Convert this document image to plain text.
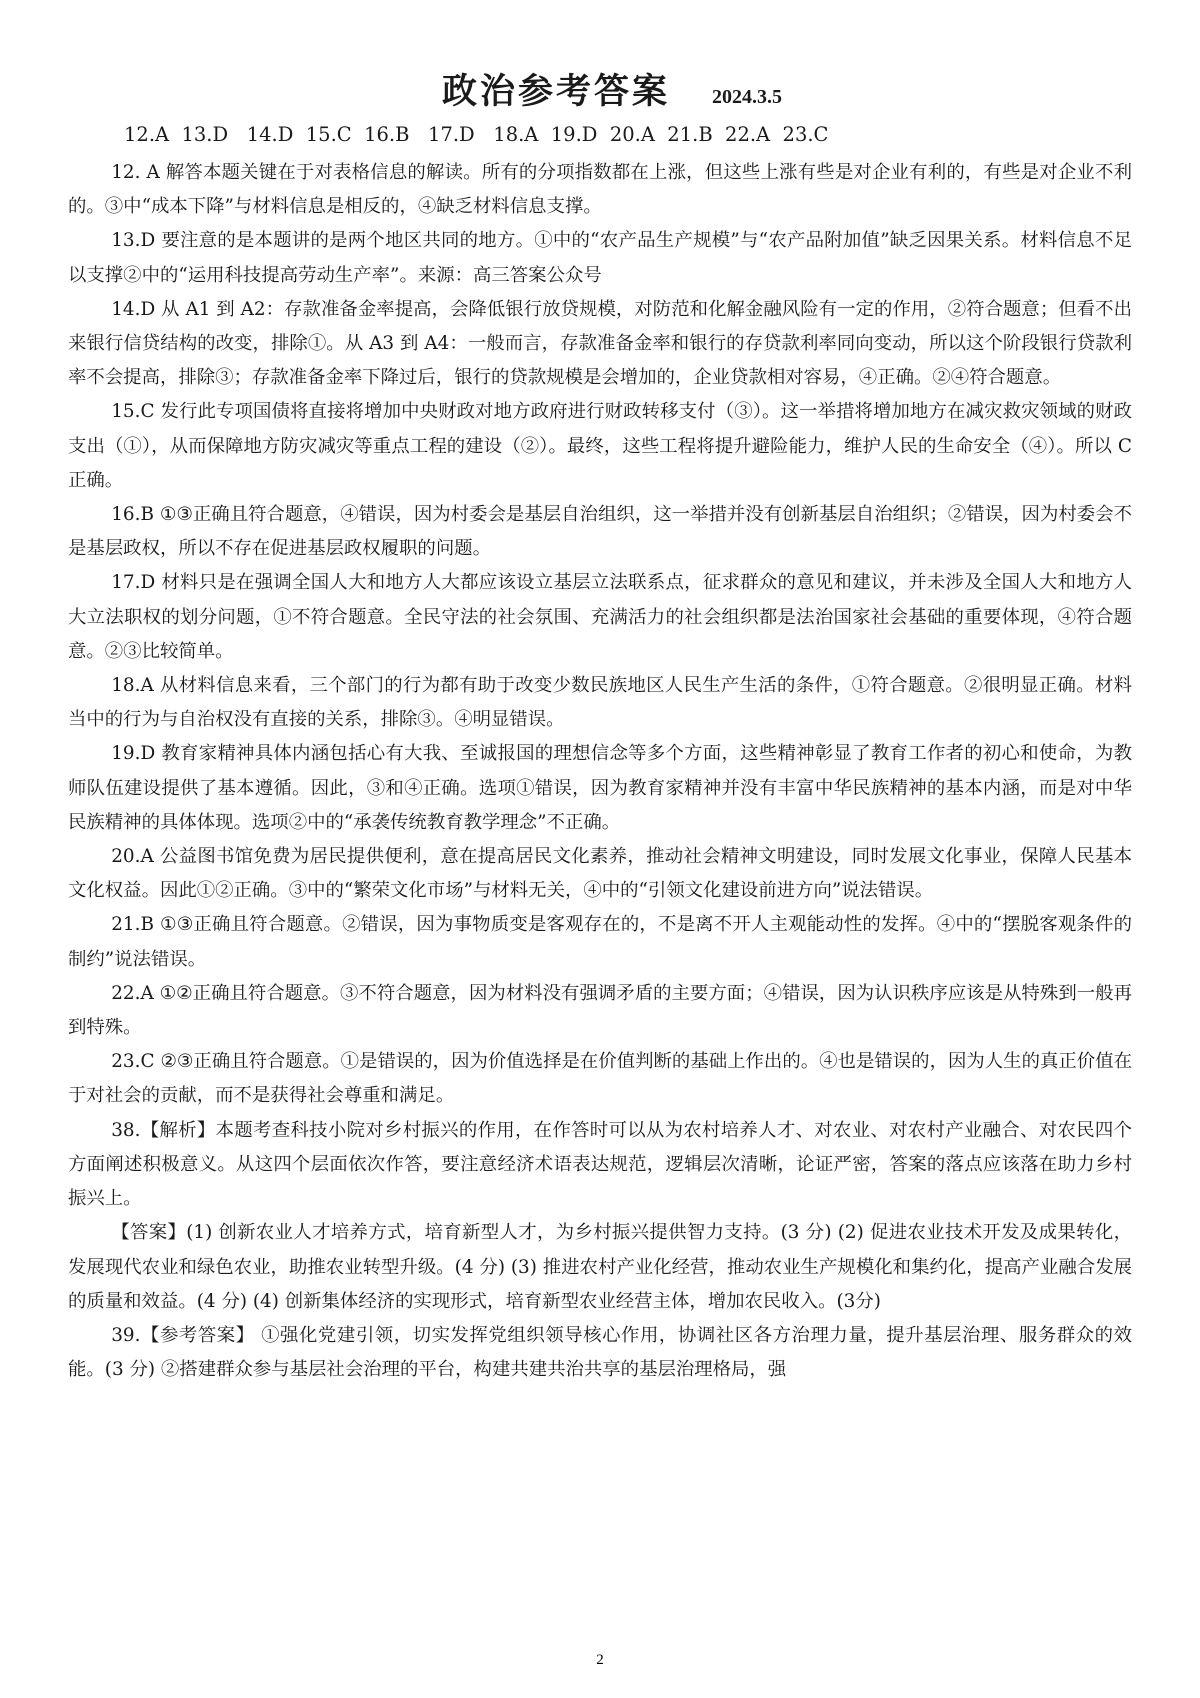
政治参考答案 2024.3.5
12.A  13.D   14.D  15.C  16.B   17.D   18.A  19.D  20.A  21.B  22.A  23.C

12. A 解答本题关键在于对表格信息的解读。所有的分项指数都在上涨，但这些上涨有些是对企业有利的，有些是对企业不利的。③中“成本下降”与材料信息是相反的，④缺乏材料信息支撑。

13.D 要注意的是本题讲的是两个地区共同的地方。①中的“农产品生产规模”与“农产品附加值”缺乏因果关系。材料信息不足以支撑②中的“运用科技提高劳动生产率”。来源：高三答案公众号

14.D 从 A1 到 A2：存款准备金率提高，会降低银行放贷规模，对防范和化解金融风险有一定的作用，②符合题意；但看不出来银行信贷结构的改变，排除①。从 A3 到 A4：一般而言，存款准备金率和银行的存贷款利率同向变动，所以这个阶段银行贷款利率不会提高，排除③；存款准备金率下降过后，银行的贷款规模是会增加的，企业贷款相对容易，④正确。②④符合题意。

15.C 发行此专项国债将直接将增加中央财政对地方政府进行财政转移支付（③）。这一举措将增加地方在减灾救灾领域的财政支出（①），从而保障地方防灾减灾等重点工程的建设（②）。最终，这些工程将提升避险能力，维护人民的生命安全（④）。所以 C 正确。

16.B ①③正确且符合题意，④错误，因为村委会是基层自治组织，这一举措并没有创新基层自治组织；②错误，因为村委会不是基层政权，所以不存在促进基层政权履职的问题。

17.D 材料只是在强调全国人大和地方人大都应该设立基层立法联系点，征求群众的意见和建议，并未涉及全国人大和地方人大立法职权的划分问题，①不符合题意。全民守法的社会氛围、充满活力的社会组织都是法治国家社会基础的重要体现，④符合题意。②③比较简单。

18.A 从材料信息来看，三个部门的行为都有助于改变少数民族地区人民生产生活的条件，①符合题意。②很明显正确。材料当中的行为与自治权没有直接的关系，排除③。④明显错误。

19.D 教育家精神具体内涵包括心有大我、至诚报国的理想信念等多个方面，这些精神彰显了教育工作者的初心和使命，为教师队伍建设提供了基本遵循。因此，③和④正确。选项①错误，因为教育家精神并没有丰富中华民族精神的基本内涵，而是对中华民族精神的具体体现。选项②中的“承袭传统教育教学理念”不正确。

20.A 公益图书馆免费为居民提供便利，意在提高居民文化素养，推动社会精神文明建设，同时发展文化事业，保障人民基本文化权益。因此①②正确。③中的“繁荣文化市场”与材料无关，④中的“引领文化建设前进方向”说法错误。

21.B ①③正确且符合题意。②错误，因为事物质变是客观存在的，不是离不开人主观能动性的发挥。④中的“摆脱客观条件的制约”说法错误。

22.A ①②正确且符合题意。③不符合题意，因为材料没有强调矛盾的主要方面；④错误，因为认识秩序应该是从特殊到一般再到特殊。

23.C ②③正确且符合题意。①是错误的，因为价值选择是在价值判断的基础上作出的。④也是错误的，因为人生的真正价值在于对社会的贡献，而不是获得社会尊重和满足。

38.【解析】本题考查科技小院对乡村振兴的作用，在作答时可以从为农村培养人才、对农业、对农村产业融合、对农民四个方面阐述积极意义。从这四个层面依次作答，要注意经济术语表达规范，逻辑层次清晰，论证严密，答案的落点应该落在助力乡村振兴上。

【答案】(1) 创新农业人才培养方式，培育新型人才，为乡村振兴提供智力支持。(3 分) (2) 促进农业技术开发及成果转化，发展现代农业和绿色农业，助推农业转型升级。(4 分) (3) 推进农村产业化经营，推动农业生产规模化和集约化，提高产业融合发展的质量和效益。(4 分) (4) 创新集体经济的实现形式，培育新型农业经营主体，增加农民收入。(3分)

39.【参考答案】 ①强化党建引领，切实发挥党组织领导核心作用，协调社区各方治理力量，提升基层治理、服务群众的效能。(3 分) ②搭建群众参与基层社会治理的平台，构建共建共治共享的基层治理格局，强

2
